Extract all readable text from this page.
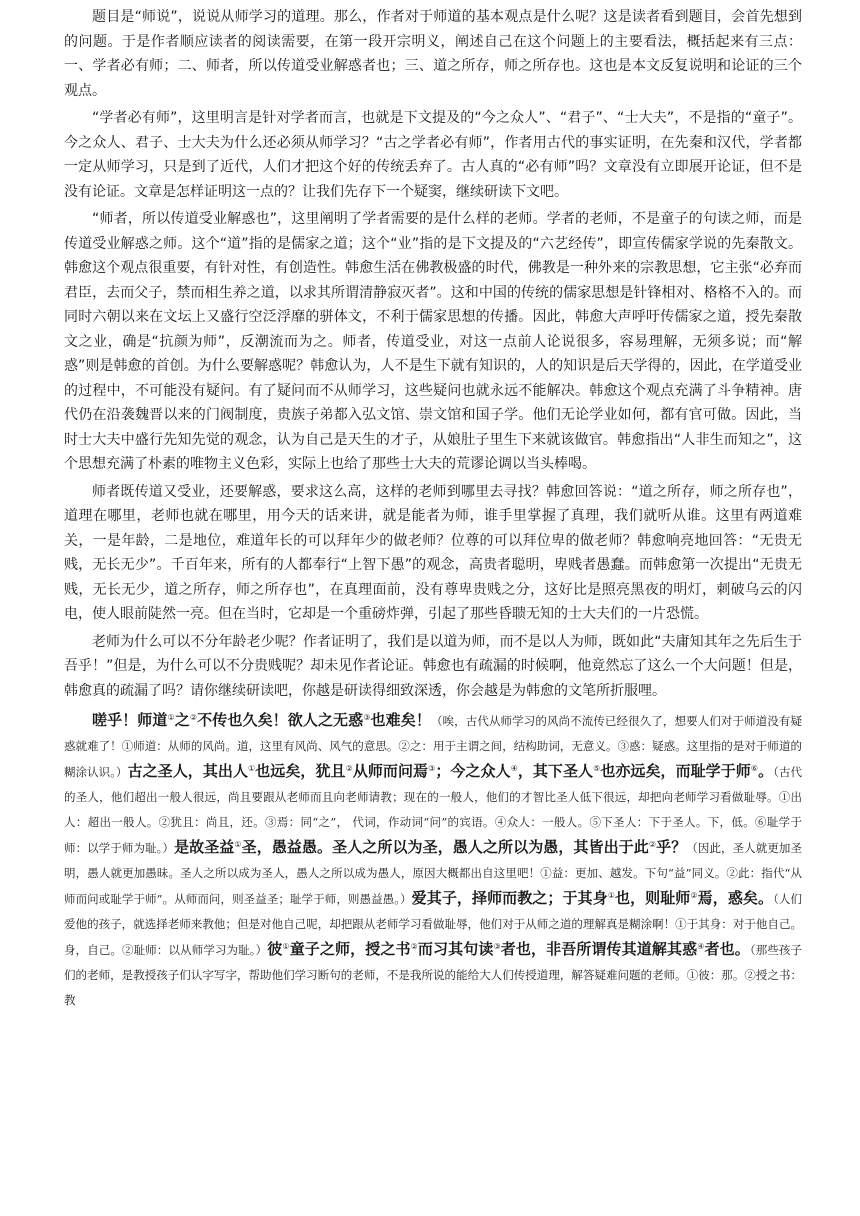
题目是“师说”，说说从师学习的道理。那么，作者对于师道的基本观点是什么呢？这是读者看到题目，会首先想到的问题。于是作者顺应读者的阅读需要，在第一段开宗明义，阐述自己在这个问题上的主要看法，概括起来有三点：一、学者必有师；二、师者，所以传道受业解惑者也；三、道之所存，师之所存也。这也是本文反复说明和论证的三个观点。

“学者必有师”，这里明言是针对学者而言，也就是下文提及的“今之众人”、“君子”、“士大夫”，不是指的“童子”。今之众人、君子、士大夫为什么还必须从师学习？“古之学者必有师”，作者用古代的事实证明，在先秦和汉代，学者都一定从师学习，只是到了近代，人们才把这个好的传统丢弃了。古人真的“必有师”吗？文章没有立即展开论证，但不是没有论证。文章是怎样证明这一点的？让我们先存下一个疑窦，继续研读下文吧。

“师者，所以传道受业解惑也”，这里阐明了学者需要的是什么样的老师。学者的老师，不是童子的句读之师，而是传道受业解惑之师。这个“道”指的是儒家之道；这个“业”指的是下文提及的“六艺经传”，即宣传儒家学说的先秦散文。韩愈这个观点很重要，有针对性，有创造性。韩愈生活在佛教极盛的时代，佛教是一种外来的宗教思想，它主张“必弃而君臣，去而父子，禁而相生养之道，以求其所谓清静寂灭者”。这和中国的传统的儒家思想是针锋相对、格格不入的。而同时六朝以来在文坛上又盛行空泛浮靡的骈体文，不利于儒家思想的传播。因此，韩愈大声呼吁传儒家之道，授先秦散文之业，确是“抗颜为师”，反潮流而为之。师者，传道受业，对这一点前人论说很多，容易理解，无须多说；而“解惑”则是韩愈的首创。为什么要解惑呢？韩愈认为，人不是生下就有知识的，人的知识是后天学得的，因此，在学道受业的过程中，不可能没有疑问。有了疑问而不从师学习，这些疑问也就永远不能解决。韩愈这个观点充满了斗争精神。唐代仍在沿袭魏晋以来的门阀制度，贵族子弟都入弘文馆、崇文馆和国子学。他们无论学业如何，都有官可做。因此，当时士大夫中盛行先知先觉的观念，认为自己是天生的才子，从娘肚子里生下来就该做官。韩愈指出“人非生而知之”，这个思想充满了朴素的唯物主义色彩，实际上也给了那些士大夫的荒谬论调以当头棒喝。

师者既传道又受业，还要解惑，要求这么高，这样的老师到哪里去寻找？韩愈回答说：“道之所存，师之所存也”，道理在哪里，老师也就在哪里，用今天的话来讲，就是能者为师，谁手里掌握了真理，我们就听从谁。这里有两道难关，一是年龄，二是地位，难道年长的可以拜年少的做老师？位尊的可以拜位卑的做老师？韩愈响亮地回答：“无贵无贱，无长无少”。千百年来，所有的人都奉行“上智下愚”的观念，高贵者聪明，卑贱者愚蠢。而韩愈第一次提出“无贵无贱，无长无少，道之所存，师之所存也”，在真理面前，没有尊卑贵贱之分，这好比是照亮黑夜的明灯，刺破乌云的闪电，使人眼前陡然一亮。但在当时，它却是一个重磅炸弹，引起了那些昏聩无知的士大夫们的一片恐慌。

老师为什么可以不分年龄老少呢？作者证明了，我们是以道为师，而不是以人为师，既如此“夫庸知其年之先后生于吾乎！”但是，为什么可以不分贵贱呢？却未见作者论证。韩愈也有疏漏的时候啊，他竟然忘了这么一个大问题！但是，韩愈真的疏漏了吗？请你继续研读吧，你越是研读得细致深透，你会越是为韩愈的文笔所折服哩。

嗟乎！师道①之②不传也久矣！欲人之无惑③也难矣！（唉，古代从师学习的风尚不流传已经很久了，想要人们对于师道没有疑惑就难了！①师道：从师的风尚。道，这里有风尚、风气的意思。②之：用于主谓之间，结构助词，无意义。③惑：疑惑。这里指的是对于师道的糊涂认识。）古之圣人，其出人①也远矣，犹且②从师而问焉③；今之众人④，其下圣人⑤也亦远矣，而耻学于师⑥。（古代的圣人，他们超出一般人很远，尚且要跟从老师而且向老师请教；现在的一般人，他们的才智比圣人低下很远，却把向老师学习看做耻辱。①出人：超出一般人。②犹且：尚且，还。③焉：同“之”， 代词，作动词“问”的宾语。④众人：一般人。⑤下圣人：下于圣人。下，低。⑥耻学于师：以学于师为耻。）是故圣益①圣，愚益愚。圣人之所以为圣，愚人之所以为愚，其皆出于此②乎？（因此，圣人就更加圣明，愚人就更加愚昧。圣人之所以成为圣人，愚人之所以成为愚人，原因大概都出自这里吧！①益：更加、越发。下句“益”同义。②此：指代“从师而问或耻学于师”。从师而问，则圣益圣；耻学于师，则愚益愚。）爱其子，择师而教之；于其身①也，则耻师②焉，惑矣。（人们爱他的孩子，就选择老师来教他；但是对他自己呢，却把跟从老师学习看做耻辱，他们对于从师之道的理解真是糊涂啊！①于其身：对于他自己。身，自己。②耻师：以从师学习为耻。）彼①童子之师，授之书②而习其句读③者也，非吾所谓传其道解其惑④者也。（那些孩子们的老师，是教授孩子们认字写字，帮助他们学习断句的老师，不是我所说的能给大人们传授道理，解答疑难问题的老师。①彼：那。②授之书：教
